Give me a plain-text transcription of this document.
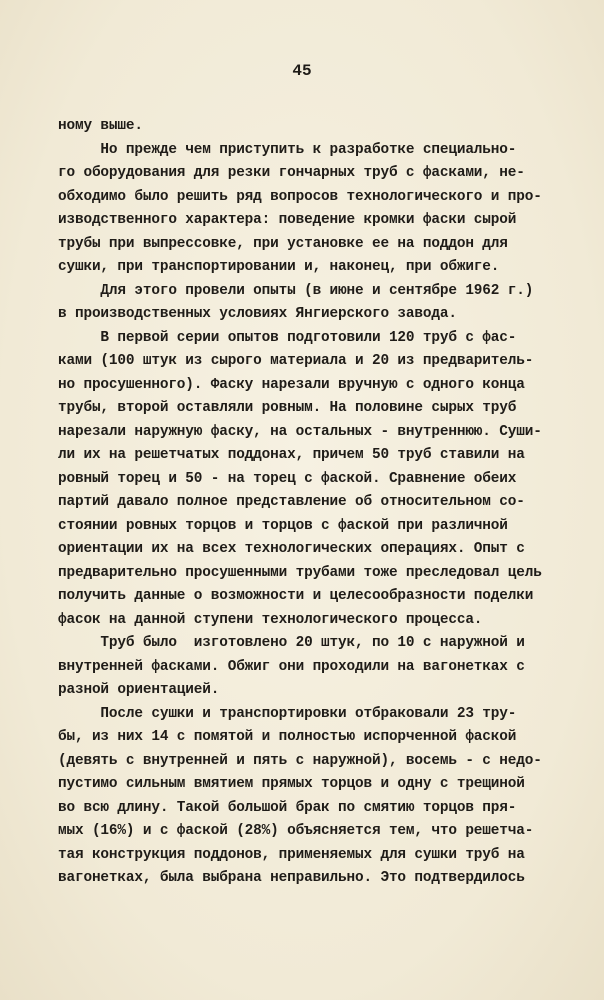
45
ному выше.
Но прежде чем приступить к разработке специально-
го оборудования для резки гончарных труб с фасками, не-
обходимо было решить ряд вопросов технологического и про-
изводственного характера: поведение кромки фаски сырой
трубы при выпрессовке, при установке ее на поддон для
сушки, при транспортировании и, наконец, при обжиге.
Для этого провели опыты (в июне и сентябре 1962 г.)
в производственных условиях Янгиерского завода.
В первой серии опытов подготовили 120 труб с фас-
ками (100 штук из сырого материала и 20 из предваритель-
но просушенного). Фаску нарезали вручную с одного конца
трубы, второй оставляли ровным. На половине сырых труб
нарезали наружную фаску, на остальных - внутреннюю. Суши-
ли их на решетчатых поддонах, причем 50 труб ставили на
ровный торец и 50 - на торец с фаской. Сравнение обеих
партий давало полное представление об относительном со-
стоянии ровных торцов и торцов с фаской при различной
ориентации их на всех технологических операциях. Опыт с
предварительно просушенными трубами тоже преследовал цель
получить данные о возможности и целесообразности поделки
фасок на данной ступени технологического процесса.
Труб было  изготовлено 20 штук, по 10 с наружной и
внутренней фасками. Обжиг они проходили на вагонетках с
разной ориентацией.
После сушки и транспортировки отбраковали 23 тру-
бы, из них 14 с помятой и полностью испорченной фаской
(девять с внутренней и пять с наружной), восемь - с недо-
пустимо сильным вмятием прямых торцов и одну с трещиной
во всю длину. Такой большой брак по смятию торцов пря-
мых (16%) и с фаской (28%) объясняется тем, что решетча-
тая конструкция поддонов, применяемых для сушки труб на
вагонетках, была выбрана неправильно. Это подтвердилось
